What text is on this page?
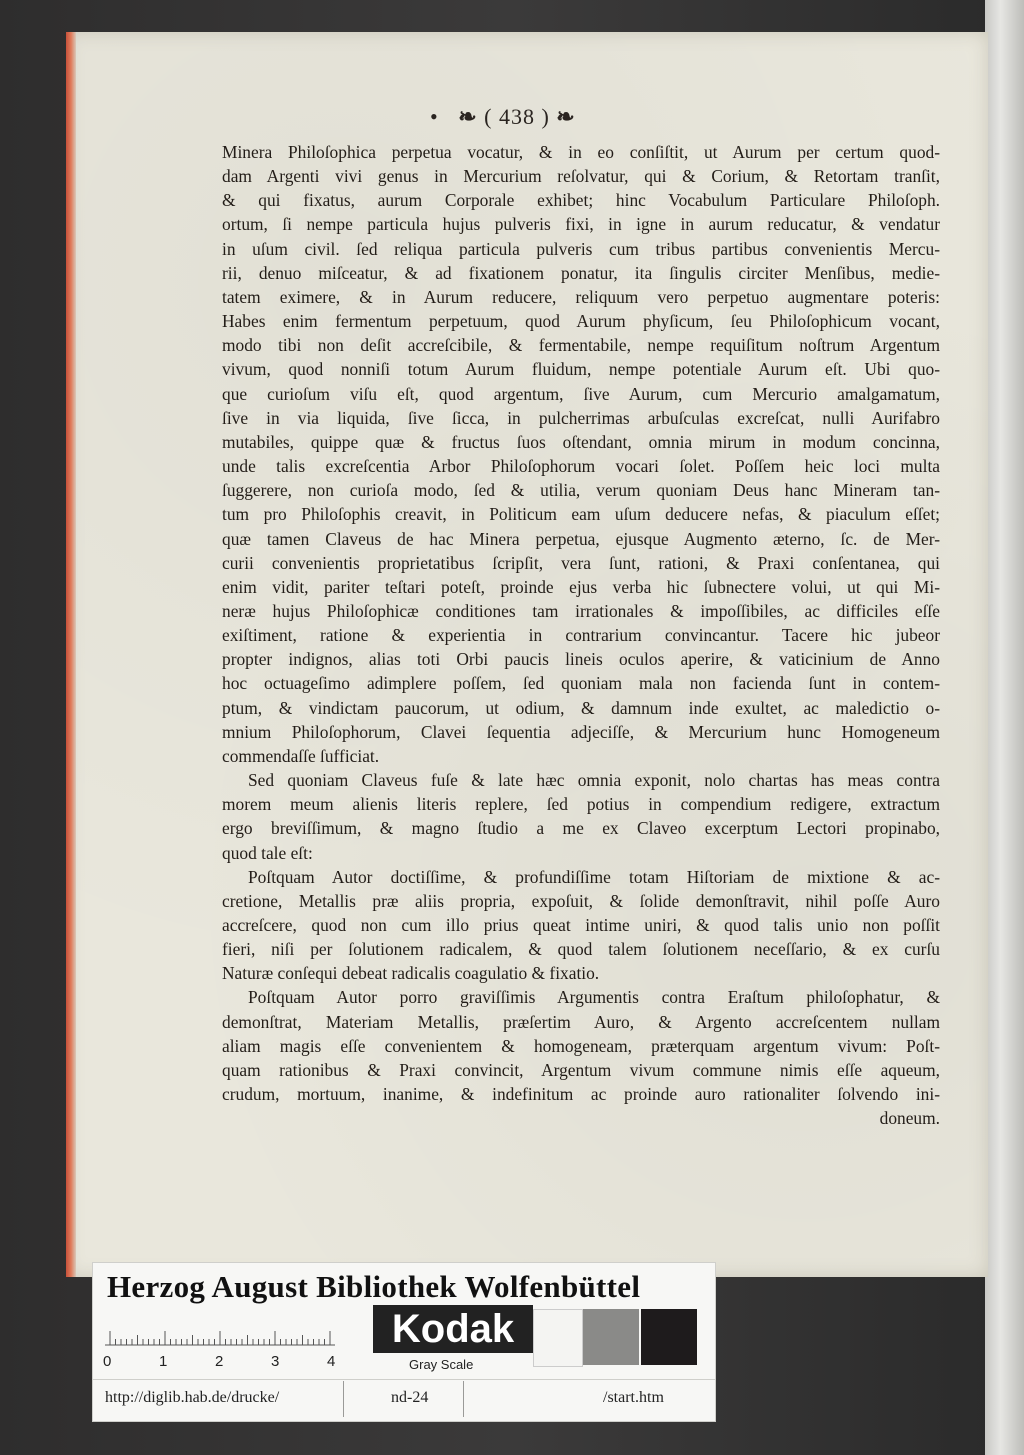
•   ❧ ( 438 ) ❧
Minera Philoſophica perpetua vocatur, & in eo conſiſtit, ut Aurum per certum quod-
dam Argenti vivi genus in Mercurium reſolvatur, qui & Corium, & Retortam tranſit,
& qui fixatus, aurum Corporale exhibet; hinc Vocabulum Particulare Philoſoph.
ortum, ſi nempe particula hujus pulveris fixi, in igne in aurum reducatur, & vendatur
in uſum civil. ſed reliqua particula pulveris cum tribus partibus convenientis Mercu-
rii, denuo miſceatur, & ad fixationem ponatur, ita ſingulis circiter Menſibus, medie-
tatem eximere, & in Aurum reducere, reliquum vero perpetuo augmentare poteris:
Habes enim fermentum perpetuum, quod Aurum phyſicum, ſeu Philoſophicum vocant,
modo tibi non deſit accreſcibile, & fermentabile, nempe requiſitum noſtrum Argentum
vivum, quod nonniſi totum Aurum fluidum, nempe potentiale Aurum eſt. Ubi quo-
que curioſum viſu eſt, quod argentum, ſive Aurum, cum Mercurio amalgamatum,
ſive in via liquida, ſive ſicca, in pulcherrimas arbuſculas excreſcat, nulli Aurifabro
mutabiles, quippe quæ & fructus ſuos oſtendant, omnia mirum in modum concinna,
unde talis excreſcentia Arbor Philoſophorum vocari ſolet. Poſſem heic loci multa
ſuggerere, non curioſa modo, ſed & utilia, verum quoniam Deus hanc Mineram tan-
tum pro Philoſophis creavit, in Politicum eam uſum deducere nefas, & piaculum eſſet;
quæ tamen Claveus de hac Minera perpetua, ejusque Augmento æterno, ſc. de Mer-
curii convenientis proprietatibus ſcripſit, vera ſunt, rationi, & Praxi conſentanea, qui
enim vidit, pariter teſtari poteſt, proinde ejus verba hic ſubnectere volui, ut qui Mi-
neræ hujus Philoſophicæ conditiones tam irrationales & impoſſibiles, ac difficiles eſſe
exiſtiment, ratione & experientia in contrarium convincantur. Tacere hic jubeor
propter indignos, alias toti Orbi paucis lineis oculos aperire, & vaticinium de Anno
hoc octuageſimo adimplere poſſem, ſed quoniam mala non facienda ſunt in contem-
ptum, & vindictam paucorum, ut odium, & damnum inde exultet, ac maledictio o-
mnium Philoſophorum, Clavei ſequentia adjeciſſe, & Mercurium hunc Homogeneum
commendaſſe ſufficiat.
Sed quoniam Claveus fuſe & late hæc omnia exponit, nolo chartas has meas contra
morem meum alienis literis replere, ſed potius in compendium redigere, extractum
ergo breviſſimum, & magno ſtudio a me ex Claveo excerptum Lectori propinabo,
quod tale eſt:
Poſtquam Autor doctiſſime, & profundiſſime totam Hiſtoriam de mixtione & ac-
cretione, Metallis præ aliis propria, expoſuit, & ſolide demonſtravit, nihil poſſe Auro
accreſcere, quod non cum illo prius queat intime uniri, & quod talis unio non poſſit
fieri, niſi per ſolutionem radicalem, & quod talem ſolutionem neceſſario, & ex curſu
Naturæ conſequi debeat radicalis coagulatio & fixatio.
Poſtquam Autor porro graviſſimis Argumentis contra Eraſtum philoſophatur, &
demonſtrat, Materiam Metallis, præſertim Auro, & Argento accreſcentem nullam
aliam magis eſſe convenientem & homogeneam, præterquam argentum vivum: Poſt-
quam rationibus & Praxi convincit, Argentum vivum commune nimis eſſe aqueum,
crudum, mortuum, inanime, & indefinitum ac proinde auro rationaliter ſolvendo ini-
doneum.
Herzog August Bibliothek Wolfenbüttel
0	1	2	3	4
Kodak
Gray Scale
http://diglib.hab.de/drucke/	nd-24	/start.htm
